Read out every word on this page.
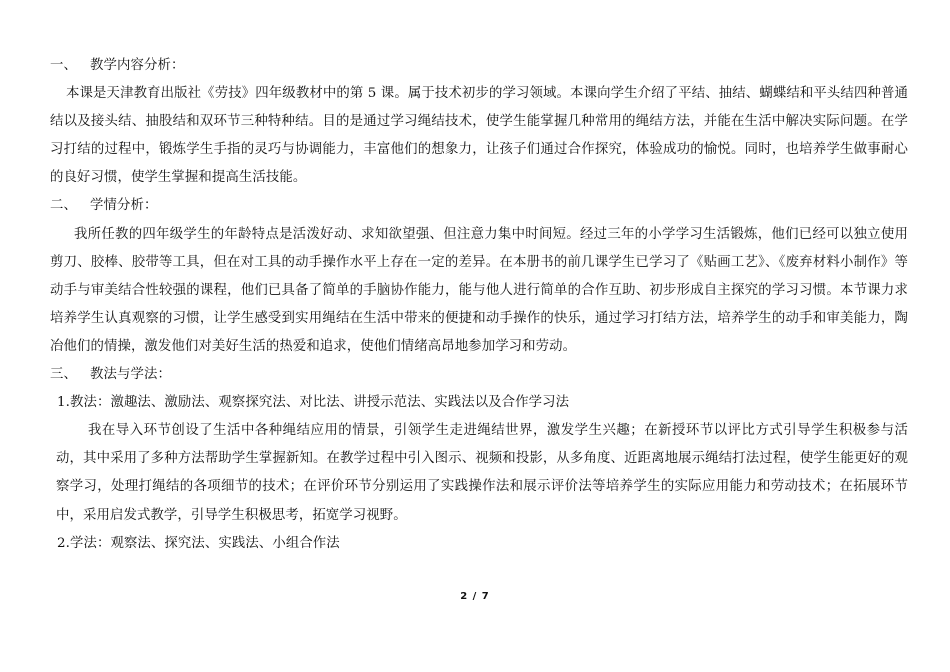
一、 教学内容分析：

本课是天津教育出版社《劳技》四年级教材中的第 5 课。属于技术初步的学习领域。本课向学生介绍了平结、抽结、蝴蝶结和平头结四种普通结以及接头结、抽股结和双环节三种特种结。目的是通过学习绳结技术，使学生能掌握几种常用的绳结方法，并能在生活中解决实际问题。在学习打结的过程中，锻炼学生手指的灵巧与协调能力，丰富他们的想象力，让孩子们通过合作探究，体验成功的愉悦。同时，也培养学生做事耐心的良好习惯，使学生掌握和提高生活技能。

二、 学情分析：

我所任教的四年级学生的年龄特点是活泼好动、求知欲望强、但注意力集中时间短。经过三年的小学学习生活锻炼，他们已经可以独立使用剪刀、胶棒、胶带等工具，但在对工具的动手操作水平上存在一定的差异。在本册书的前几课学生已学习了《贴画工艺》、《废弃材料小制作》等动手与审美结合性较强的课程，他们已具备了简单的手脑协作能力，能与他人进行简单的合作互助、初步形成自主探究的学习习惯。本节课力求培养学生认真观察的习惯，让学生感受到实用绳结在生活中带来的便捷和动手操作的快乐，通过学习打结方法，培养学生的动手和审美能力，陶冶他们的情操，激发他们对美好生活的热爱和追求，使他们情绪高昂地参加学习和劳动。

三、 教法与学法：
1.教法：激趣法、激励法、观察探究法、对比法、讲授示范法、实践法以及合作学习法

我在导入环节创设了生活中各种绳结应用的情景，引领学生走进绳结世界，激发学生兴趣；在新授环节以评比方式引导学生积极参与活动，其中采用了多种方法帮助学生掌握新知。在教学过程中引入图示、视频和投影，从多角度、近距离地展示绳结打法过程，使学生能更好的观察学习，处理打绳结的各项细节的技术；在评价环节分别运用了实践操作法和展示评价法等培养学生的实际应用能力和劳动技术；在拓展环节中，采用启发式教学，引导学生积极思考，拓宽学习视野。

2.学法：观察法、探究法、实践法、小组合作法
2 / 7
